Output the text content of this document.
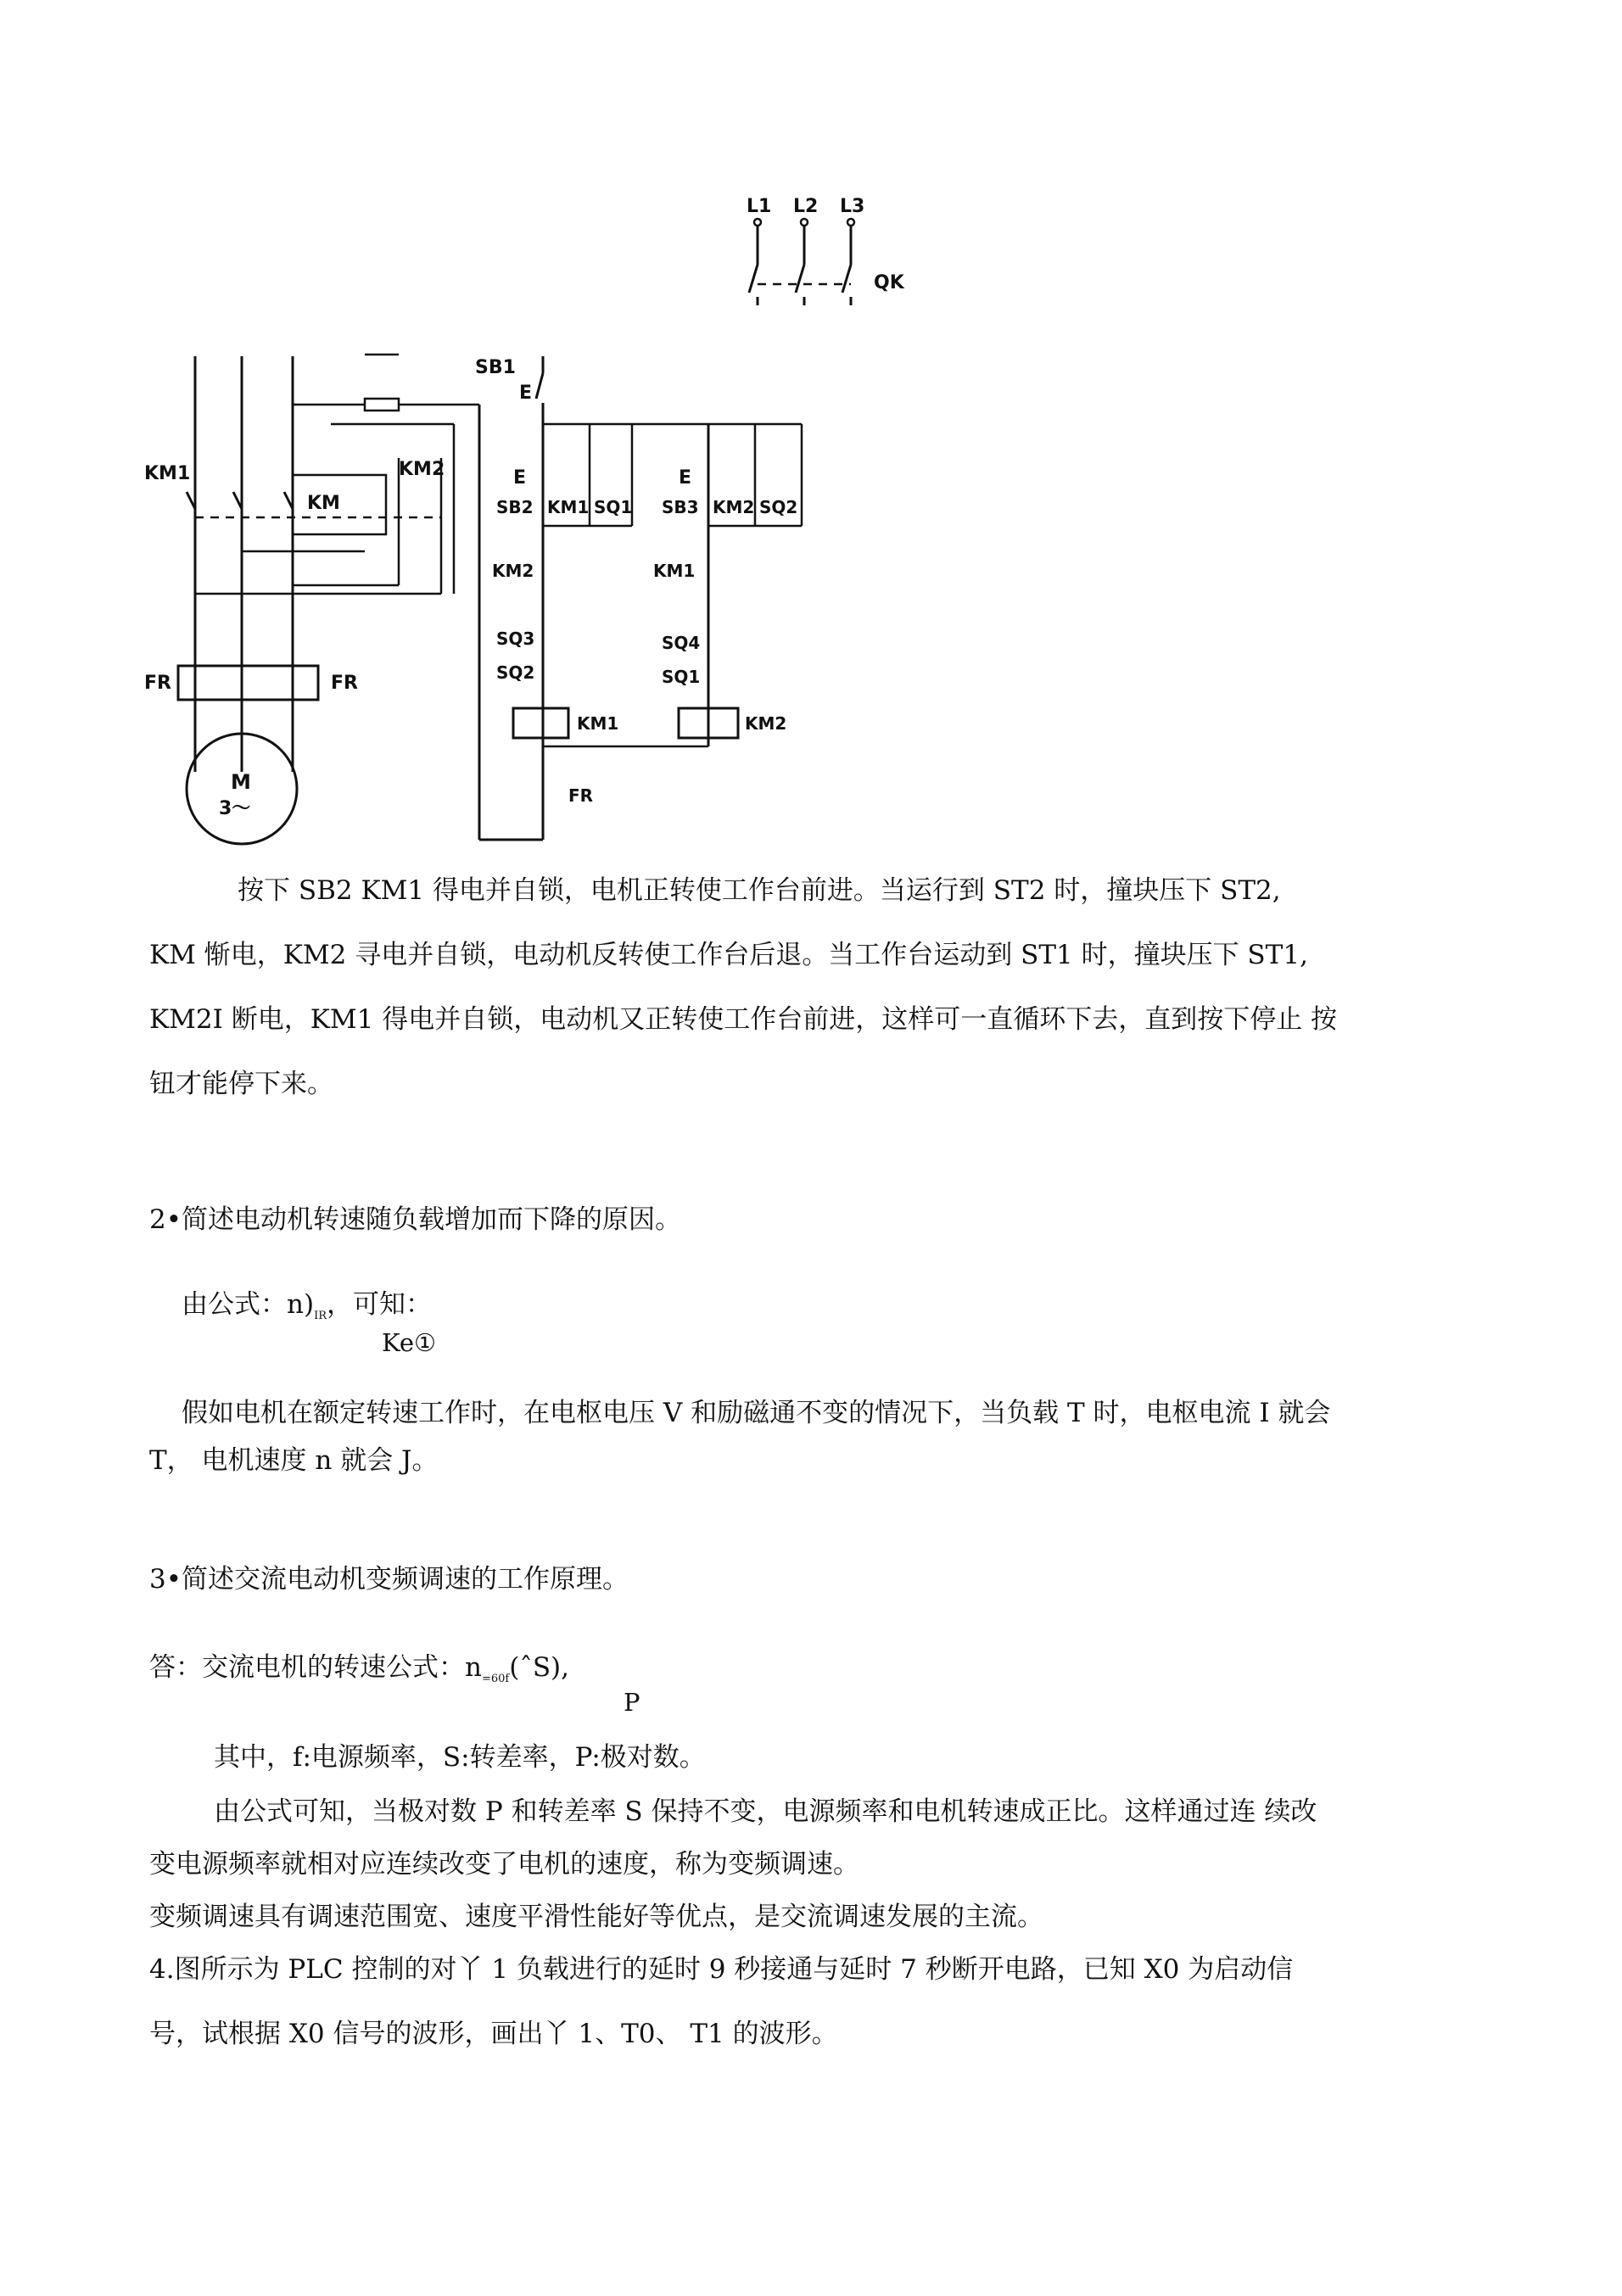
L1 L2 L3
QK
KM1	KM2
KM
FR	FR
M
3～
SB1
E
E	E
SB2 KM1 SQ1 SB3 KM2 SQ2
KM2	KM1
SQ3
SQ2
SQ4
SQ1
KM1	KM2
FR
按下 SB2 KM1 得电并自锁，电机正转使工作台前进。当运行到 ST2 时，撞块压下 ST2,
KM 惭电，KM2 寻电并自锁，电动机反转使工作台后退。当工作台运动到 ST1 时，撞块压下 ST1,
KM2I 断电，KM1 得电并自锁，电动机又正转使工作台前进，这样可一直循环下去，直到按下停止 按
钮才能停下来。
2•简述电动机转速随负载增加而下降的原因。
由公式：$n)_{IR}$，可知：
Ke①
假如电机在额定转速工作时，在电枢电压 V 和励磁通不变的情况下，当负载 T 时，电枢电流 I 就会
T， 电机速度 n 就会 J。
3•简述交流电动机变频调速的工作原理。
答：交流电机的转速公式：$n_{=60f}(ˆS)$,
P
其中，f:电源频率，S:转差率，P:极对数。
由公式可知，当极对数 P 和转差率 S 保持不变，电源频率和电机转速成正比。这样通过连 续改
变电源频率就相对应连续改变了电机的速度，称为变频调速。
变频调速具有调速范围宽、速度平滑性能好等优点，是交流调速发展的主流。
4.图所示为 PLC 控制的对丫 1 负载进行的延时 9 秒接通与延时 7 秒断开电路，已知 X0 为启动信
号，试根据 X0 信号的波形，画出丫 1、T0、 T1 的波形。
